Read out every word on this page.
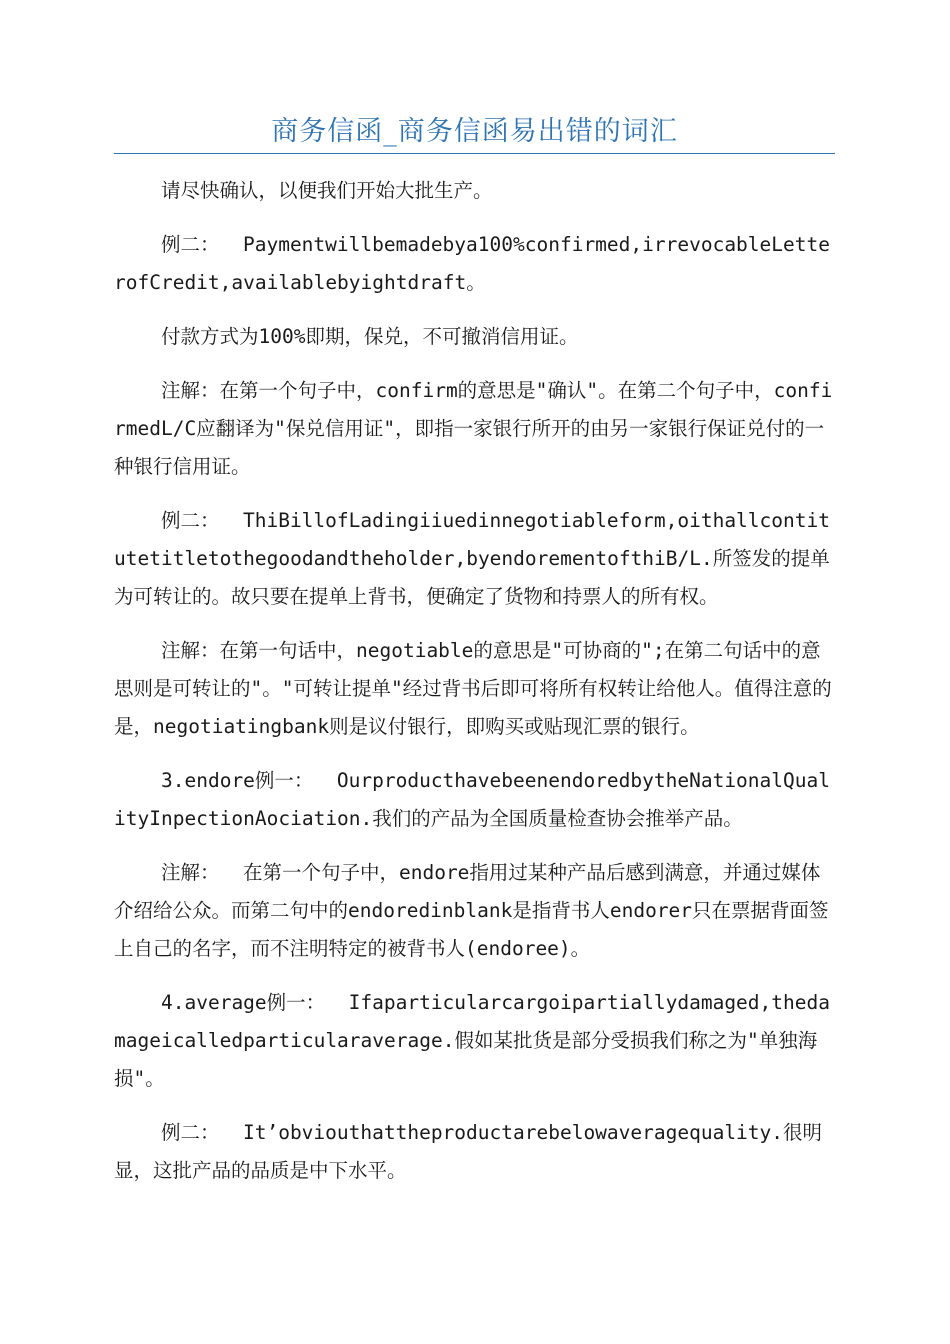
商务信函_商务信函易出错的词汇

请尽快确认，以便我们开始大批生产。

例二：  Paymentwillbemadebya100%confirmed,irrevocableLetterofCredit,availablebyightdraft。

付款方式为100%即期，保兑，不可撤消信用证。

注解：在第一个句子中，confirm的意思是"确认"。在第二个句子中，confirmedL/C应翻译为"保兑信用证"，即指一家银行所开的由另一家银行保证兑付的一种银行信用证。

例二：  ThiBillofLadingiiuedinnegotiableform,oithallcontitutetitletothegoodandtheholder,byendorementofthiB/L.所签发的提单为可转让的。故只要在提单上背书，便确定了货物和持票人的所有权。

注解：在第一句话中，negotiable的意思是"可协商的";在第二句话中的意思则是可转让的"。"可转让提单"经过背书后即可将所有权转让给他人。值得注意的是，negotiatingbank则是议付银行，即购买或贴现汇票的银行。

3.endore例一：  OurproducthavebeenendoredbytheNationalQualityInpectionAociation.我们的产品为全国质量检查协会推举产品。

注解：  在第一个句子中，endore指用过某种产品后感到满意，并通过媒体介绍给公众。而第二句中的endoredinblank是指背书人endorer只在票据背面签上自己的名字，而不注明特定的被背书人(endoree)。

4.average例一：  Ifaparticularcargoipartiallydamaged,thedamageicalledparticularaverage.假如某批货是部分受损我们称之为"单独海损"。

例二：  It’obviouthattheproductarebelowaveragequality.很明显，这批产品的品质是中下水平。
